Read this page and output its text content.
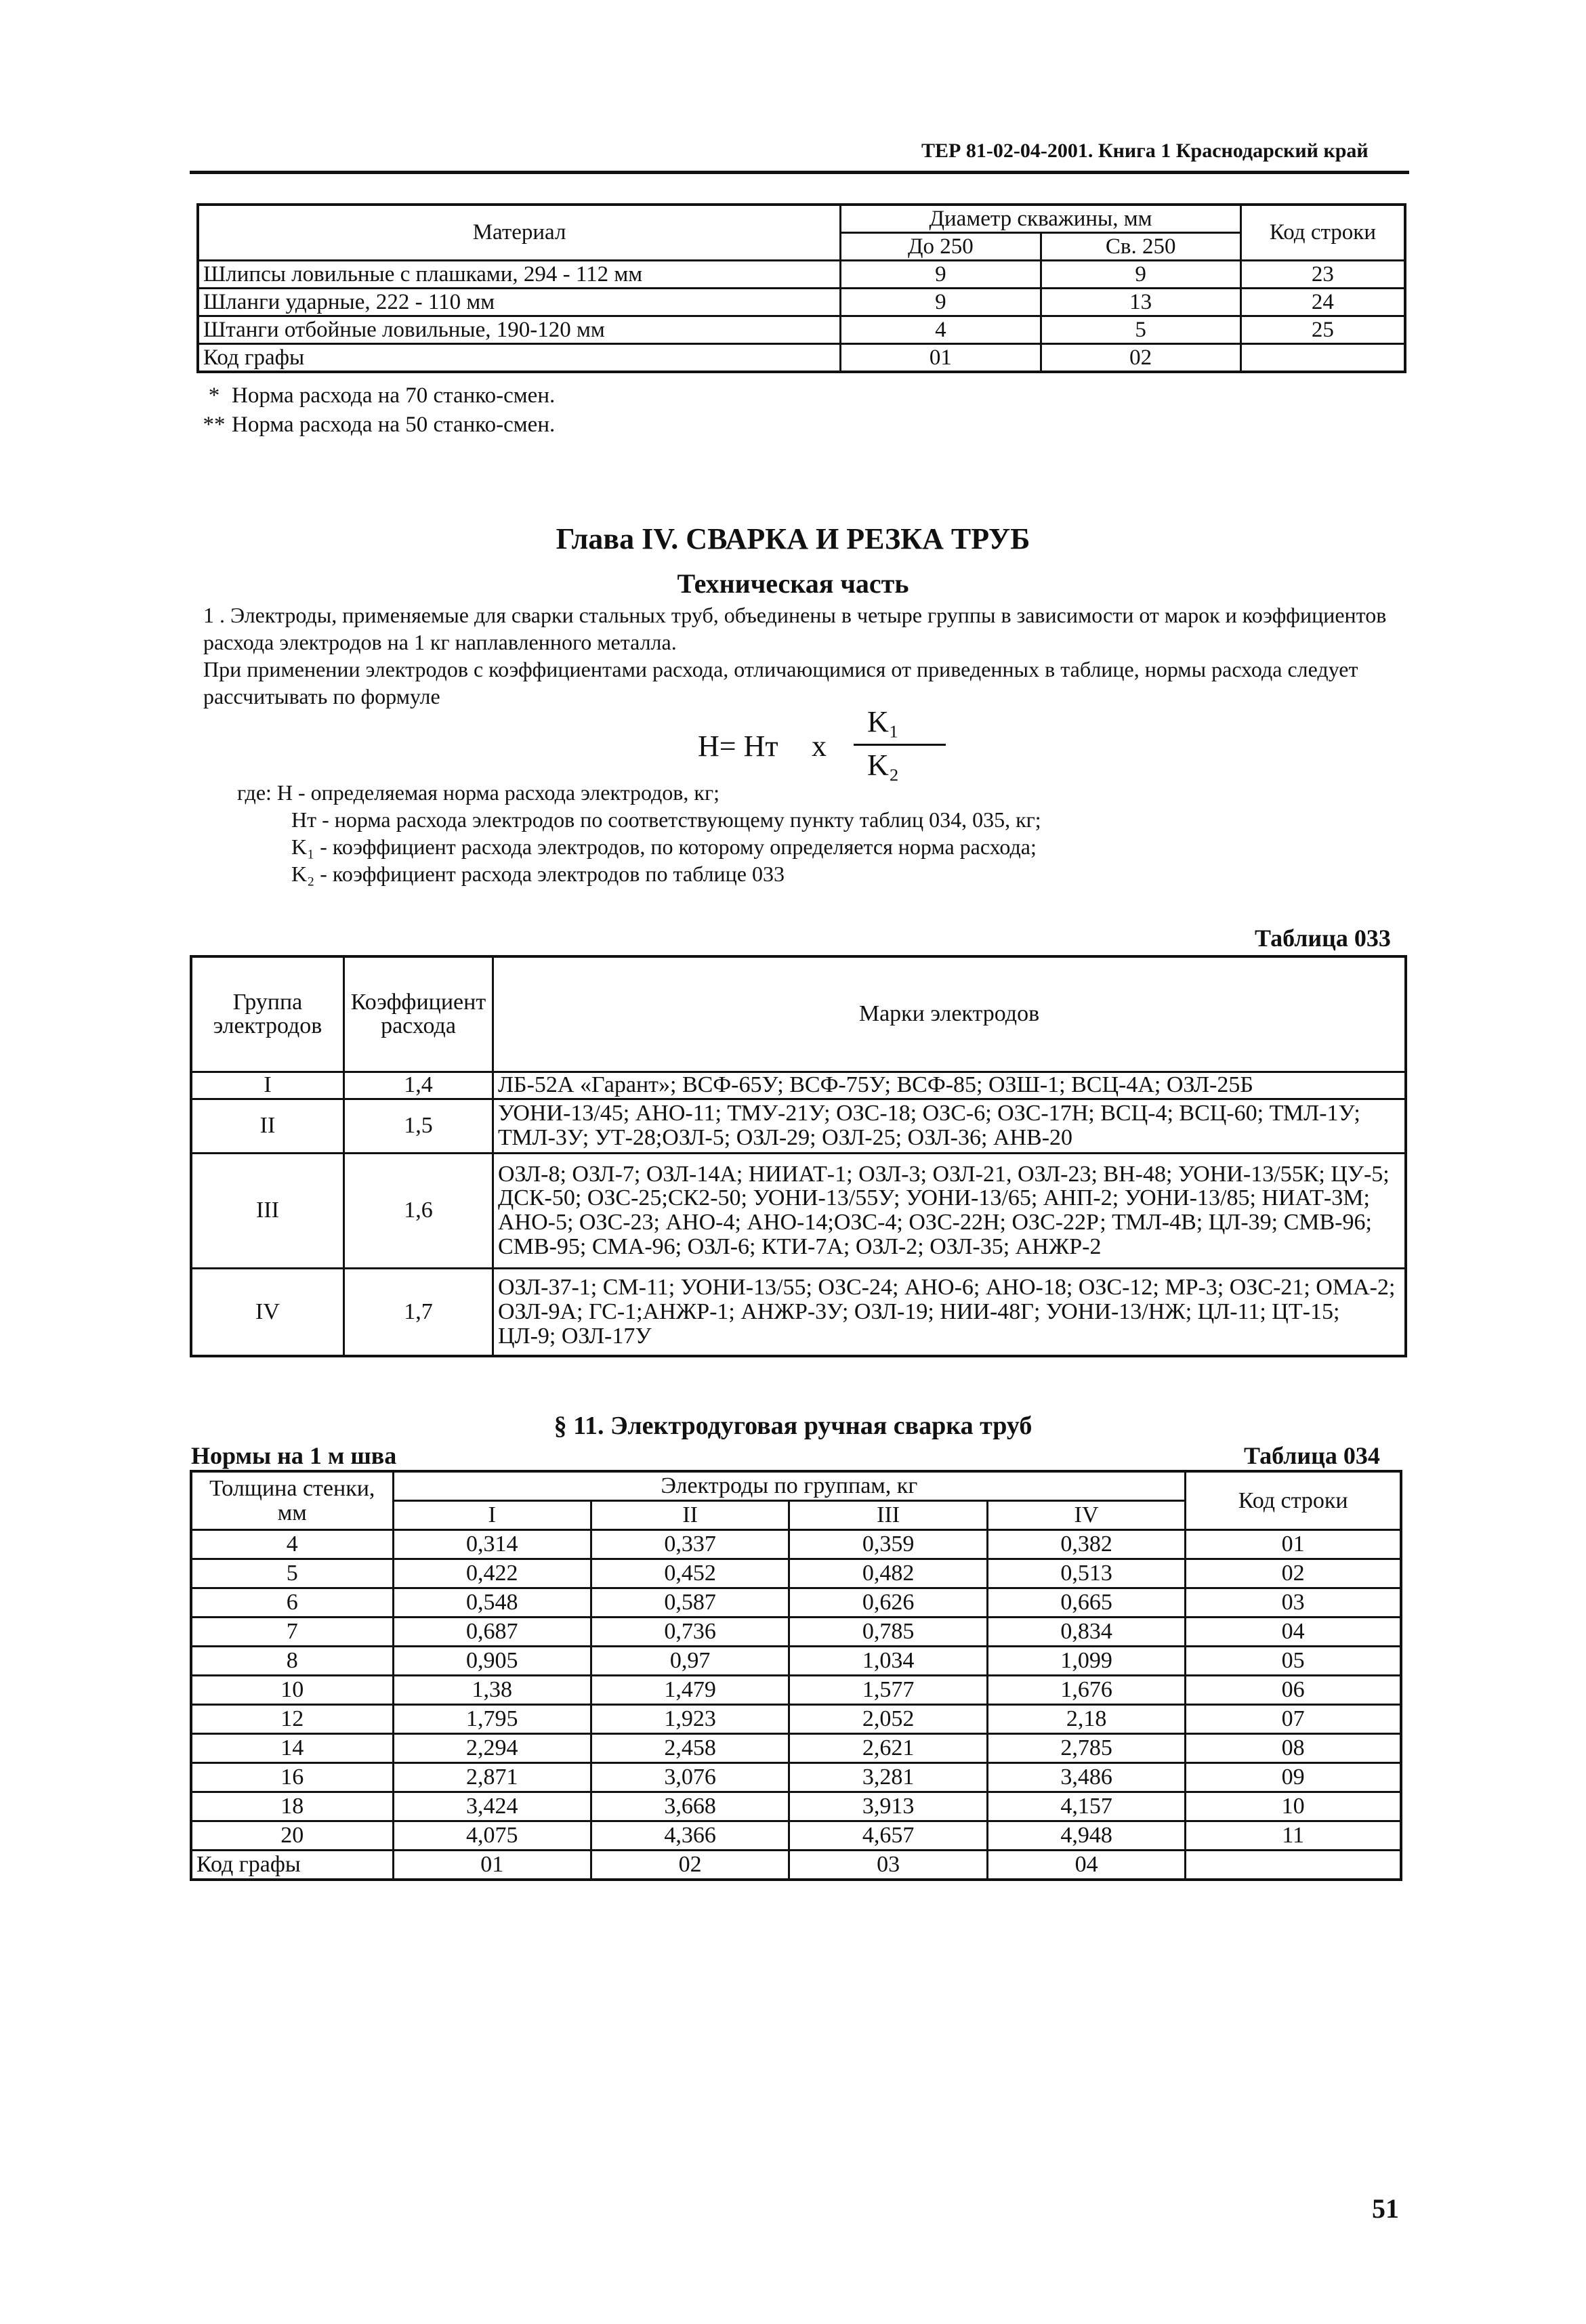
ТЕР 81-02-04-2001. Книга 1 Краснодарский край
Материал	Диаметр скважины, мм		Код строки
	До 250	Св. 250	
Шлипсы ловильные с плашками, 294 - 112 мм	9	9	23
Шланги ударные, 222 - 110 мм	9	13	24
Штанги отбойные ловильные, 190-120 мм	4	5	25
Код графы	01	02	
* Норма расхода на 70 станко-смен.
** Норма расхода на 50 станко-смен.
Глава IV. СВАРКА И РЕЗКА ТРУБ
Техническая часть
1 . Электроды, применяемые для сварки стальных труб, объединены в четыре группы в зависимости от марок и коэффициентов расхода электродов на 1 кг наплавленного металла.
При применении электродов с коэффициентами расхода, отличающимися от приведенных в таблице, нормы расхода следует рассчитывать по формуле
Н= Нт x
K₁
K₂
где: Н - определяемая норма расхода электродов, кг;
Нт - норма расхода электродов по соответствующему пункту таблиц 034, 035, кг;
K₁ - коэффициент расхода электродов, по которому определяется норма расхода;
K₂ - коэффициент расхода электродов по таблице 033
Таблица 033
Группа электродов	Коэффициент расхода	Марки электродов
I	1,4	ЛБ-52А «Гарант»; ВСФ-65У; ВСФ-75У; ВСФ-85; ОЗШ-1; ВСЦ-4А; ОЗЛ-25Б
II	1,5	УОНИ-13/45; АНО-11; ТМУ-21У; ОЗС-18; ОЗС-6; ОЗС-17Н; ВСЦ-4; ВСЦ-60; ТМЛ-1У; ТМЛ-3У; УТ-28;ОЗЛ-5; ОЗЛ-29; ОЗЛ-25; ОЗЛ-36; АНВ-20
III	1,6	ОЗЛ-8; ОЗЛ-7; ОЗЛ-14А; НИИАТ-1; ОЗЛ-3; ОЗЛ-21, ОЗЛ-23; ВН-48; УОНИ-13/55К; ЦУ-5; ДСК-50; ОЗС-25;СК2-50; УОНИ-13/55У; УОНИ-13/65; АНП-2; УОНИ-13/85; НИАТ-3М; АНО-5; ОЗС-23; АНО-4; АНО-14;ОЗС-4; ОЗС-22Н; ОЗС-22Р; ТМЛ-4В; ЦЛ-39; СМВ-96; СМВ-95; СМА-96; ОЗЛ-6; КТИ-7А; ОЗЛ-2; ОЗЛ-35; АНЖР-2
IV	1,7	ОЗЛ-37-1; СМ-11; УОНИ-13/55; ОЗС-24; АНО-6; АНО-18; ОЗС-12; МР-3; ОЗС-21; ОМА-2; ОЗЛ-9А; ГС-1;АНЖР-1; АНЖР-3У; ОЗЛ-19; НИИ-48Г; УОНИ-13/НЖ; ЦЛ-11; ЦТ-15; ЦЛ-9; ОЗЛ-17У
§ 11. Электродуговая ручная сварка труб
Нормы на 1 м шва	Таблица 034
Толщина стенки, мм	Электроды по группам, кг				Код строки
	I	II	III	IV	
4	0,314	0,337	0,359	0,382	01
5	0,422	0,452	0,482	0,513	02
6	0,548	0,587	0,626	0,665	03
7	0,687	0,736	0,785	0,834	04
8	0,905	0,97	1,034	1,099	05
10	1,38	1,479	1,577	1,676	06
12	1,795	1,923	2,052	2,18	07
14	2,294	2,458	2,621	2,785	08
16	2,871	3,076	3,281	3,486	09
18	3,424	3,668	3,913	4,157	10
20	4,075	4,366	4,657	4,948	11
Код графы	01	02	03	04	
51
